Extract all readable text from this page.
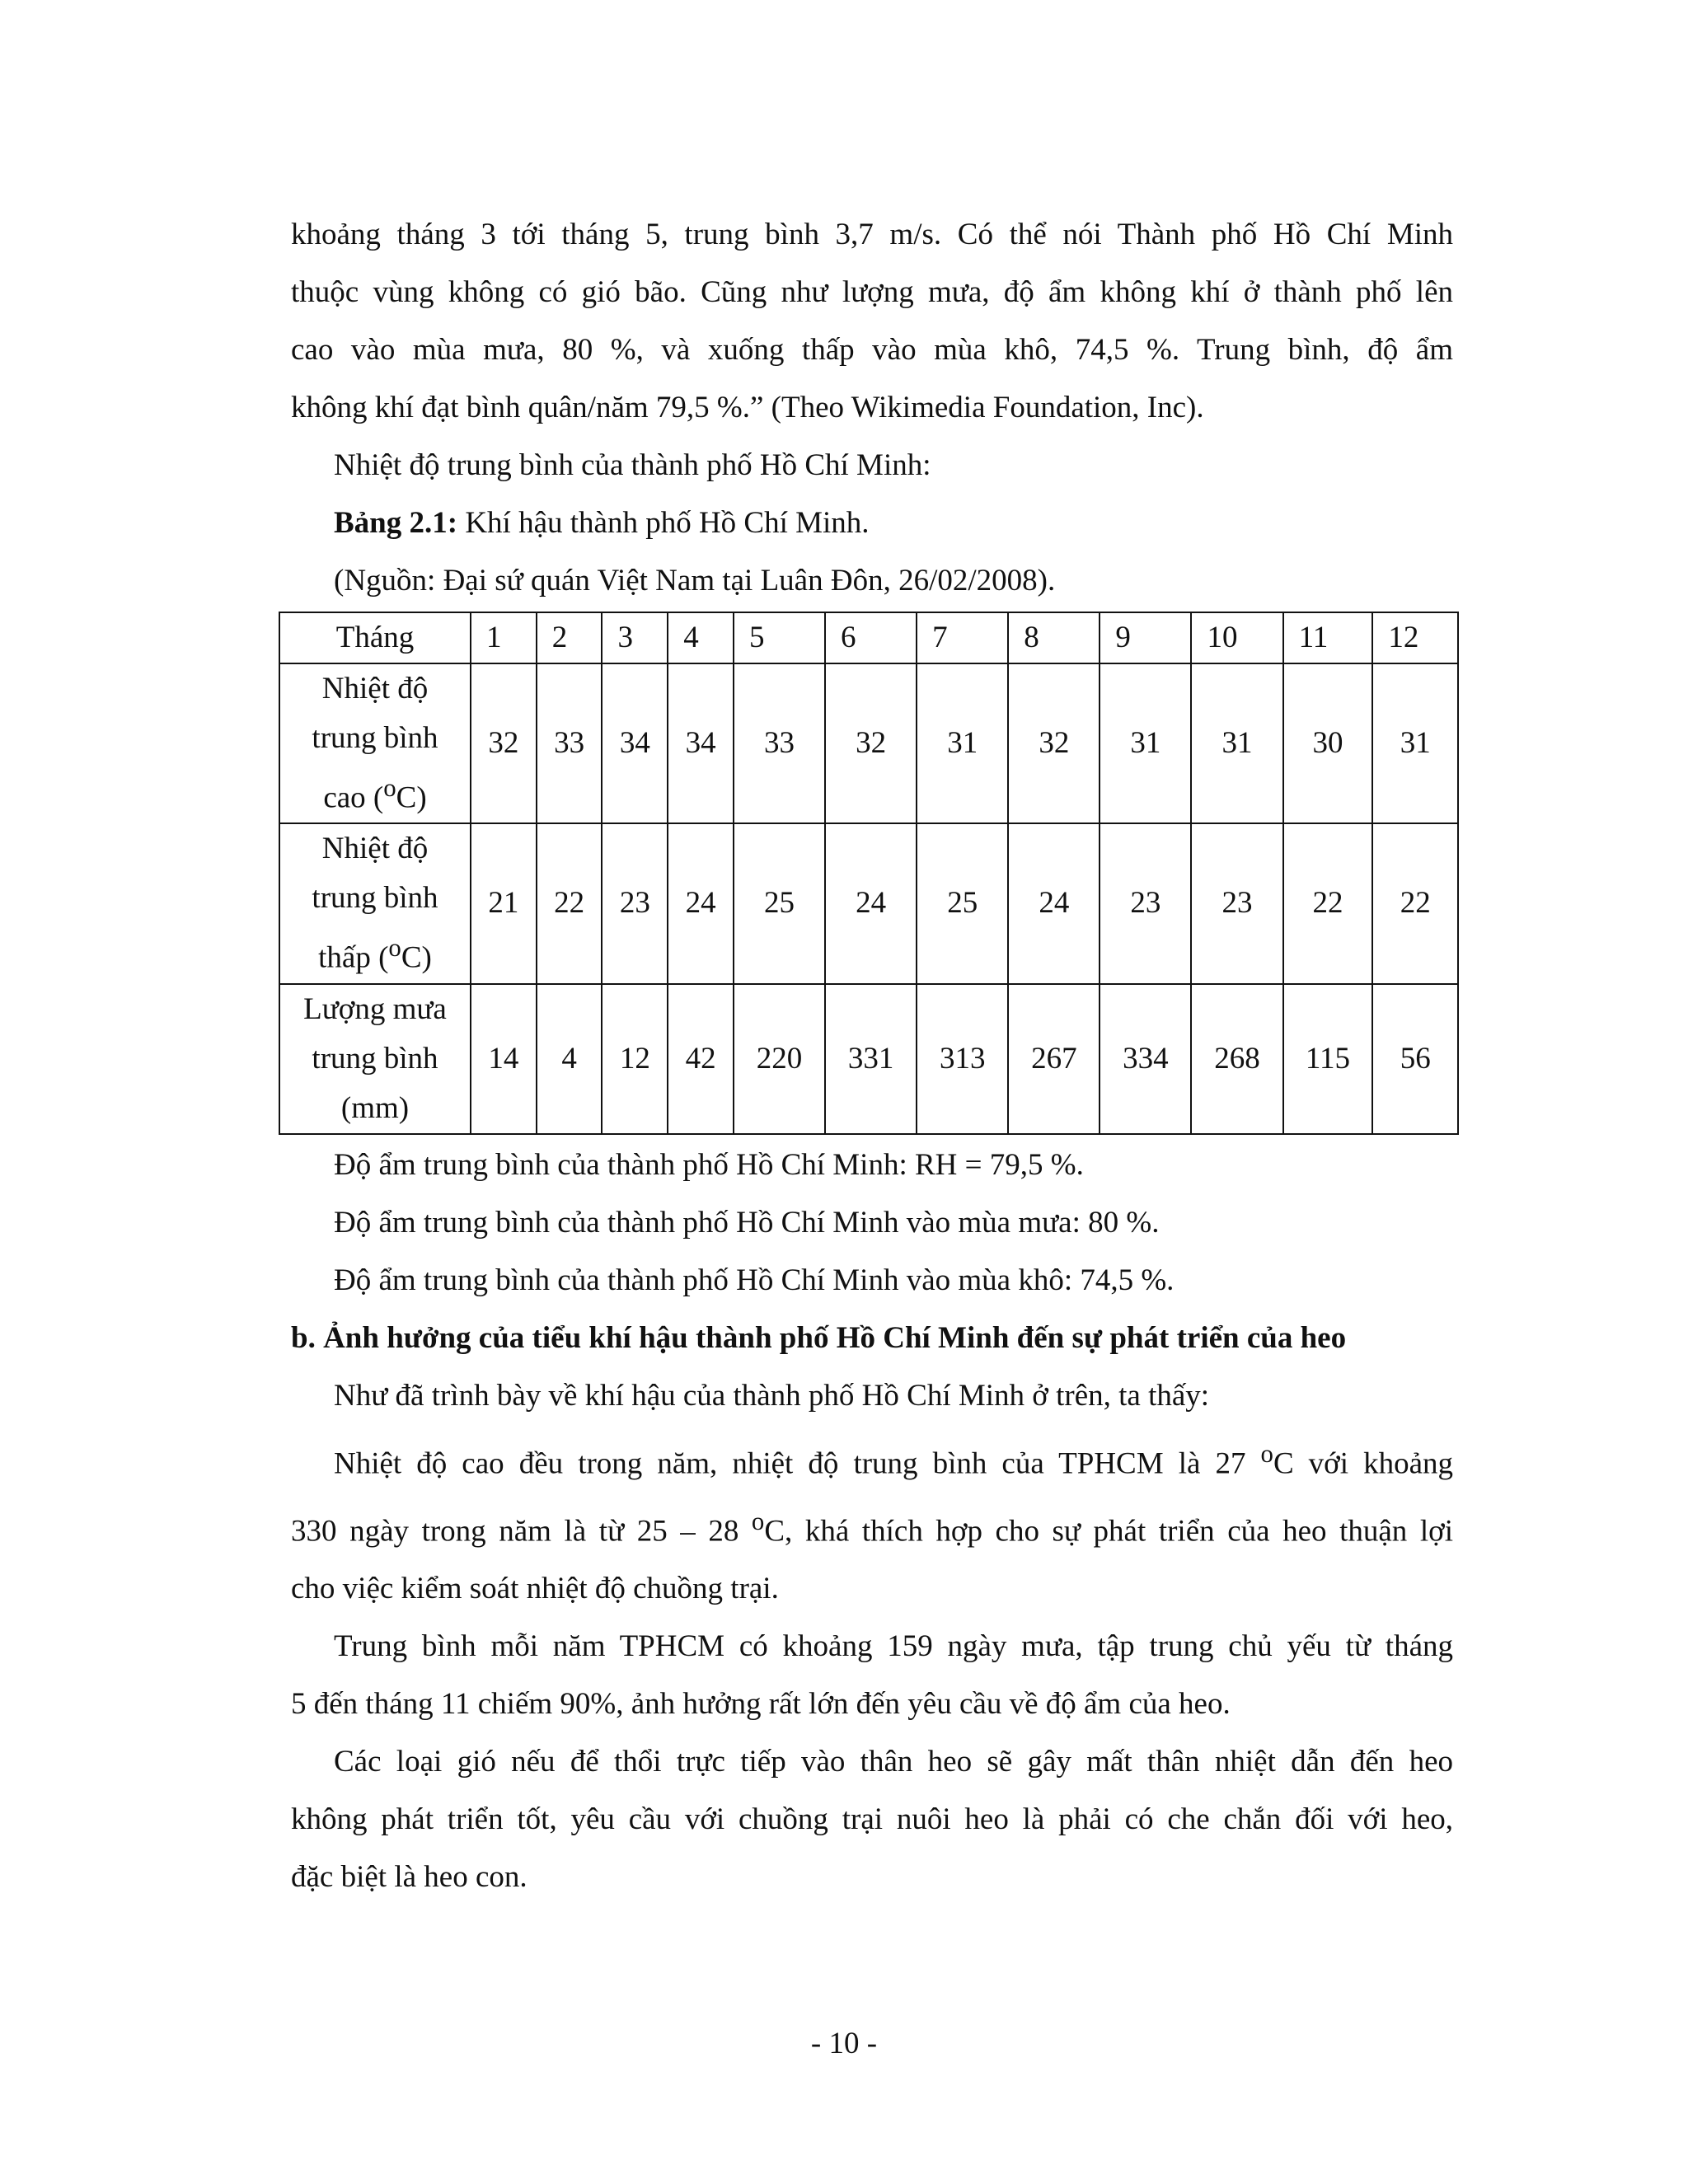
khoảng tháng 3 tới tháng 5, trung bình 3,7 m/s. Có thể nói Thành phố Hồ Chí Minh

thuộc vùng không có gió bão. Cũng như lượng mưa, độ ẩm không khí ở thành phố lên

cao vào mùa mưa, 80 %, và xuống thấp vào mùa khô, 74,5 %. Trung bình, độ ẩm

không khí đạt bình quân/năm 79,5 %.” (Theo Wikimedia Foundation, Inc).

Nhiệt độ trung bình của thành phố Hồ Chí Minh:

Bảng 2.1: Khí hậu thành phố Hồ Chí Minh.

(Nguồn: Đại sứ quán Việt Nam tại Luân Đôn, 26/02/2008).

Tháng	1	2	3	4	5	6	7	8	9	10	11	12

Nhiệt độ
trung bình
cao ($^o$C)	32	33	34	34	33	32	31	32	31	31	30	31

Nhiệt độ
trung bình
thấp ($^o$C)	21	22	23	24	25	24	25	24	23	23	22	22

Lượng mưa
trung bình
(mm)	14	4	12	42	220	331	313	267	334	268	115	56

Độ ẩm trung bình của thành phố Hồ Chí Minh: RH = 79,5 %.

Độ ẩm trung bình của thành phố Hồ Chí Minh vào mùa mưa: 80 %.

Độ ẩm trung bình của thành phố Hồ Chí Minh vào mùa khô: 74,5 %.

b. Ảnh hưởng của tiểu khí hậu thành phố Hồ Chí Minh đến sự phát triển của heo

Như đã trình bày về khí hậu của thành phố Hồ Chí Minh ở trên, ta thấy:

Nhiệt độ cao đều trong năm, nhiệt độ trung bình của TPHCM là 27 $^o$C với khoảng

330 ngày trong năm là từ 25 – 28 $^o$C, khá thích hợp cho sự phát triển của heo thuận lợi

cho việc kiểm soát nhiệt độ chuồng trại.

Trung bình mỗi năm TPHCM có khoảng 159 ngày mưa, tập trung chủ yếu từ tháng

5 đến tháng 11 chiếm 90%, ảnh hưởng rất lớn đến yêu cầu về độ ẩm của heo.

Các loại gió nếu để thổi trực tiếp vào thân heo sẽ gây mất thân nhiệt dẫn đến heo

không phát triển tốt, yêu cầu với chuồng trại nuôi heo là phải có che chắn đối với heo,

đặc biệt là heo con.

- 10 -
